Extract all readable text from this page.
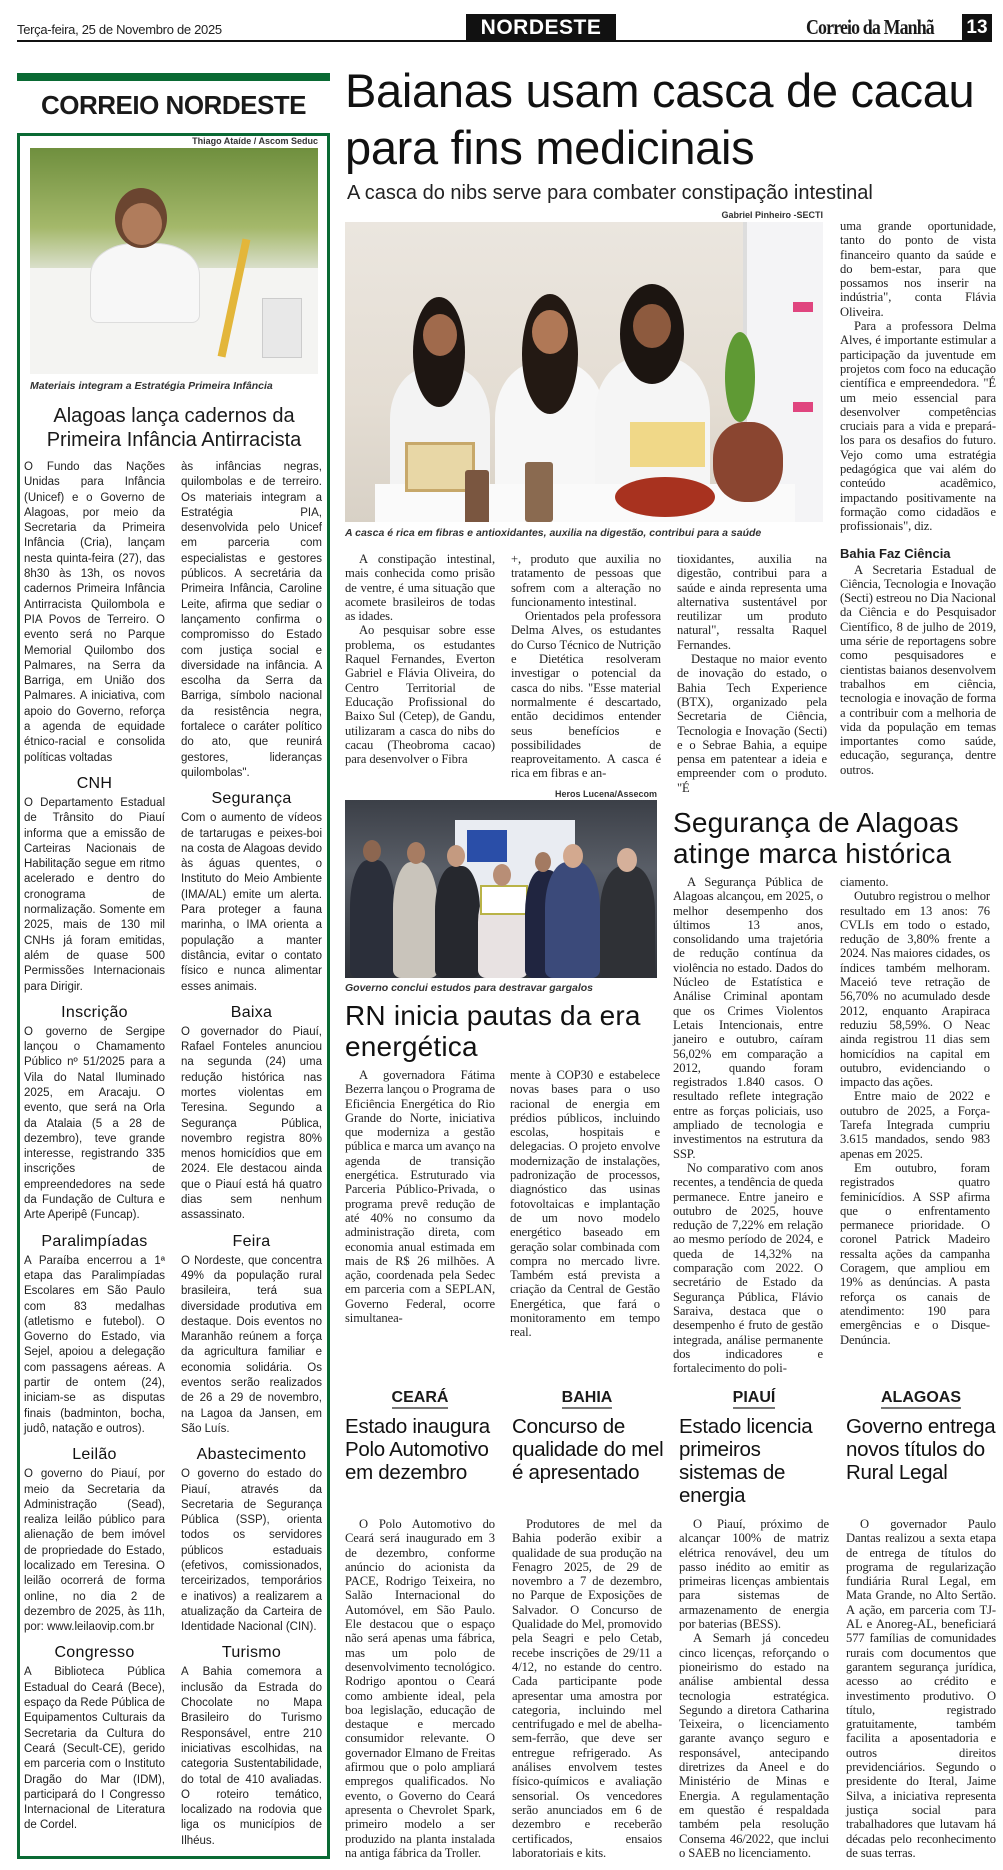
Terça-feira, 25 de Novembro de 2025	NORDESTE	Correio da Manhã 13
CORREIO NORDESTE
Thiago Ataíde / Ascom Seduc
Materiais integram a Estratégia Primeira Infância
Alagoas lança cadernos da Primeira Infância Antirracista

O Fundo das Nações Unidas para Infância (Unicef) e o Governo de Alagoas, por meio da Secretaria da Primeira Infância (Cria), lançam nesta quinta-feira (27), das 8h30 às 13h, os novos cadernos Primeira Infância Antirracista Quilombola e PIA Povos de Terreiro. O evento será no Parque Memorial Quilombo dos Palmares, na Serra da Barriga, em União dos Palmares. A iniciativa, com apoio do Governo, reforça a agenda de equidade étnico-racial e consolida políticas voltadas

CNH

O Departamento Estadual de Trânsito do Piauí informa que a emissão de Carteiras Nacionais de Habilitação segue em ritmo acelerado e dentro do cronograma de normalização. Somente em 2025, mais de 130 mil CNHs já foram emitidas, além de quase 500 Permissões Internacionais para Dirigir.

Inscrição

O governo de Sergipe lançou o Chamamento Público nº 51/2025 para a Vila do Natal Iluminado 2025, em Aracaju. O evento, que será na Orla da Atalaia (5 a 28 de dezembro), teve grande interesse, registrando 335 inscrições de empreendedores na sede da Fundação de Cultura e Arte Aperipê (Funcap).

Paralimpíadas

A Paraíba encerrou a 1ª etapa das Paralimpíadas Escolares em São Paulo com 83 medalhas (atletismo e futebol). O Governo do Estado, via Sejel, apoiou a delegação com passagens aéreas. A partir de ontem (24), iniciam-se as disputas finais (badminton, bocha, judô, natação e outros).

Leilão

O governo do Piauí, por meio da Secretaria da Administração (Sead), realiza leilão público para alienação de bem imóvel de propriedade do Estado, localizado em Teresina. O leilão ocorrerá de forma online, no dia 2 de dezembro de 2025, às 11h, por: www.leilaovip.com.br

Congresso

A Biblioteca Pública Estadual do Ceará (Bece), espaço da Rede Pública de Equipamentos Culturais da Secretaria da Cultura do Ceará (Secult-CE), gerido em parceria com o Instituto Dragão do Mar (IDM), participará do I Congresso Internacional de Literatura de Cordel.

às infâncias negras, quilombolas e de terreiro. Os materiais integram a Estratégia PIA, desenvolvida pelo Unicef em parceria com especialistas e gestores públicos. A secretária da Primeira Infância, Caroline Leite, afirma que sediar o lançamento confirma o compromisso do Estado com justiça social e diversidade na infância. A escolha da Serra da Barriga, símbolo nacional da resistência negra, fortalece o caráter político do ato, que reunirá gestores, lideranças quilombolas".

Segurança

Com o aumento de vídeos de tartarugas e peixes-boi na costa de Alagoas devido às águas quentes, o Instituto do Meio Ambiente (IMA/AL) emite um alerta. Para proteger a fauna marinha, o IMA orienta a população a manter distância, evitar o contato físico e nunca alimentar esses animais.

Baixa

O governador do Piauí, Rafael Fonteles anunciou na segunda (24) uma redução histórica nas mortes violentas em Teresina. Segundo a Segurança Pública, novembro registra 80% menos homicídios que em 2024. Ele destacou ainda que o Piauí está há quatro dias sem nenhum assassinato.

Feira

O Nordeste, que concentra 49% da população rural brasileira, terá sua diversidade produtiva em destaque. Dois eventos no Maranhão reúnem a força da agricultura familiar e economia solidária. Os eventos serão realizados de 26 a 29 de novembro, na Lagoa da Jansen, em São Luís.

Abastecimento

O governo do estado do Piauí, através da Secretaria de Segurança Pública (SSP), orienta todos os servidores públicos estaduais (efetivos, comissionados, terceirizados, temporários e inativos) a realizarem a atualização da Carteira de Identidade Nacional (CIN).

Turismo

A Bahia comemora a inclusão da Estrada do Chocolate no Mapa Brasileiro do Turismo Responsável, entre 210 iniciativas escolhidas, na categoria Sustentabilidade, do total de 410 avaliadas. O roteiro temático, localizado na rodovia que liga os municípios de Ilhéus.

Baianas usam casca de cacau para fins medicinais
A casca do nibs serve para combater constipação intestinal
Gabriel Pinheiro -SECTI
A casca é rica em fibras e antioxidantes, auxilia na digestão, contribui para a saúde

A constipação intestinal, mais conhecida como prisão de ventre, é uma situação que acomete brasileiros de todas as idades.

Ao pesquisar sobre esse problema, os estudantes Raquel Fernandes, Everton Gabriel e Flávia Oliveira, do Centro Territorial de Educação Profissional do Baixo Sul (Cetep), de Gandu, utilizaram a casca do nibs do cacau (Theobroma cacao) para desenvolver o Fibra

+, produto que auxilia no tratamento de pessoas que sofrem com a alteração no funcionamento intestinal.

Orientados pela professora Delma Alves, os estudantes do Curso Técnico de Nutrição e Dietética resolveram investigar o potencial da casca do nibs. "Esse material normalmente é descartado, então decidimos entender seus benefícios e possibilidades de reaproveitamento. A casca é rica em fibras e an-

tioxidantes, auxilia na digestão, contribui para a saúde e ainda representa uma alternativa sustentável por reutilizar um produto natural", ressalta Raquel Fernandes.

Destaque no maior evento de inovação do estado, o Bahia Tech Experience (BTX), organizado pela Secretaria de Ciência, Tecnologia e Inovação (Secti) e o Sebrae Bahia, a equipe pensa em patentear a ideia e empreender com o produto. "É

uma grande oportunidade, tanto do ponto de vista financeiro quanto da saúde e do bem-estar, para que possamos nos inserir na indústria", conta Flávia Oliveira.

Para a professora Delma Alves, é importante estimular a participação da juventude em projetos com foco na educação científica e empreendedora. "É um meio essencial para desenvolver competências cruciais para a vida e prepará-los para os desafios do futuro. Vejo como uma estratégia pedagógica que vai além do conteúdo acadêmico, impactando positivamente na formação como cidadãos e profissionais", diz.

Bahia Faz Ciência

A Secretaria Estadual de Ciência, Tecnologia e Inovação (Secti) estreou no Dia Nacional da Ciência e do Pesquisador Científico, 8 de julho de 2019, uma série de reportagens sobre como pesquisadores e cientistas baianos desenvolvem trabalhos em ciência, tecnologia e inovação de forma a contribuir com a melhoria de vida da população em temas importantes como saúde, educação, segurança, dentre outros.

Heros Lucena/Assecom
Governo conclui estudos para destravar gargalos
RN inicia pautas da era energética

A governadora Fátima Bezerra lançou o Programa de Eficiência Energética do Rio Grande do Norte, iniciativa que moderniza a gestão pública e marca um avanço na agenda de transição energética. Estruturado via Parceria Público-Privada, o programa prevê redução de até 40% no consumo da administração direta, com economia anual estimada em mais de R$ 26 milhões. A ação, coordenada pela Sedec em parceria com a SEPLAN, Governo Federal, ocorre simultanea-

mente à COP30 e estabelece novas bases para o uso racional de energia em prédios públicos, incluindo escolas, hospitais e delegacias. O projeto envolve modernização de instalações, padronização de processos, diagnóstico das usinas fotovoltaicas e implantação de um novo modelo energético baseado em geração solar combinada com compra no mercado livre. Também está prevista a criação da Central de Gestão Energética, que fará o monitoramento em tempo real.

Segurança de Alagoas atinge marca histórica

A Segurança Pública de Alagoas alcançou, em 2025, o melhor desempenho dos últimos 13 anos, consolidando uma trajetória de redução contínua da violência no estado. Dados do Núcleo de Estatística e Análise Criminal apontam que os Crimes Violentos Letais Intencionais, entre janeiro e outubro, caíram 56,02% em comparação a 2012, quando foram registrados 1.840 casos. O resultado reflete integração entre as forças policiais, uso ampliado de tecnologia e investimentos na estrutura da SSP.

No comparativo com anos recentes, a tendência de queda permanece. Entre janeiro e outubro de 2025, houve redução de 7,22% em relação ao mesmo período de 2024, e queda de 14,32% na comparação com 2022. O secretário de Estado da Segurança Pública, Flávio Saraiva, destaca que o desempenho é fruto de gestão integrada, análise permanente dos indicadores e fortalecimento do poli-

ciamento.

Outubro registrou o melhor resultado em 13 anos: 76 CVLIs em todo o estado, redução de 3,80% frente a 2024. Nas maiores cidades, os índices também melhoram. Maceió teve retração de 56,70% no acumulado desde 2012, enquanto Arapiraca reduziu 58,59%. O Neac ainda registrou 11 dias sem homicídios na capital em outubro, evidenciando o impacto das ações.

Entre maio de 2022 e outubro de 2025, a Força-Tarefa Integrada cumpriu 3.615 mandados, sendo 983 apenas em 2025.

Em outubro, foram registrados quatro feminicídios. A SSP afirma que o enfrentamento permanece prioridade. O coronel Patrick Madeiro ressalta ações da campanha Coragem, que ampliou em 19% as denúncias. A pasta reforça os canais de atendimento: 190 para emergências e o Disque-Denúncia.

CEARÁ	BAHIA	PIAUÍ	ALAGOAS
Estado inaugura Polo Automotivo em dezembro
Concurso de qualidade do mel é apresentado
Estado licencia primeiros sistemas de energia
Governo entrega novos títulos do Rural Legal

O Polo Automotivo do Ceará será inaugurado em 3 de dezembro, conforme anúncio do acionista da PACE, Rodrigo Teixeira, no Salão Internacional do Automóvel, em São Paulo. Ele destacou que o espaço não será apenas uma fábrica, mas um polo de desenvolvimento tecnológico. Rodrigo apontou o Ceará como ambiente ideal, pela boa legislação, educação de destaque e mercado consumidor relevante. O governador Elmano de Freitas afirmou que o polo ampliará empregos qualificados. No evento, o Governo do Ceará apresenta o Chevrolet Spark, primeiro modelo a ser produzido na planta instalada na antiga fábrica da Troller.

Produtores de mel da Bahia poderão exibir a qualidade de sua produção na Fenagro 2025, de 29 de novembro a 7 de dezembro, no Parque de Exposições de Salvador. O Concurso de Qualidade do Mel, promovido pela Seagri e pelo Cetab, recebe inscrições de 29/11 a 4/12, no estande do centro. Cada participante pode apresentar uma amostra por categoria, incluindo mel centrifugado e mel de abelha-sem-ferrão, que deve ser entregue refrigerado. As análises envolvem testes físico-químicos e avaliação sensorial. Os vencedores serão anunciados em 6 de dezembro e receberão certificados, ensaios laboratoriais e kits.

O Piauí, próximo de alcançar 100% de matriz elétrica renovável, deu um passo inédito ao emitir as primeiras licenças ambientais para sistemas de armazenamento de energia por baterias (BESS).

A Semarh já concedeu cinco licenças, reforçando o pioneirismo do estado na análise ambiental dessa tecnologia estratégica. Segundo a diretora Catharina Teixeira, o licenciamento garante avanço seguro e responsável, antecipando diretrizes da Aneel e do Ministério de Minas e Energia. A regulamentação em questão é respaldada também pela resolução Consema 46/2022, que inclui o SAEB no licenciamento.

O governador Paulo Dantas realizou a sexta etapa de entrega de títulos do programa de regularização fundiária Rural Legal, em Mata Grande, no Alto Sertão. A ação, em parceria com TJ-AL e Anoreg-AL, beneficiará 577 famílias de comunidades rurais com documentos que garantem segurança jurídica, acesso ao crédito e investimento produtivo. O título, registrado gratuitamente, também facilita a aposentadoria e outros direitos previdenciários. Segundo o presidente do Iteral, Jaime Silva, a iniciativa representa justiça social para trabalhadores que lutavam há décadas pelo reconhecimento de suas terras.
